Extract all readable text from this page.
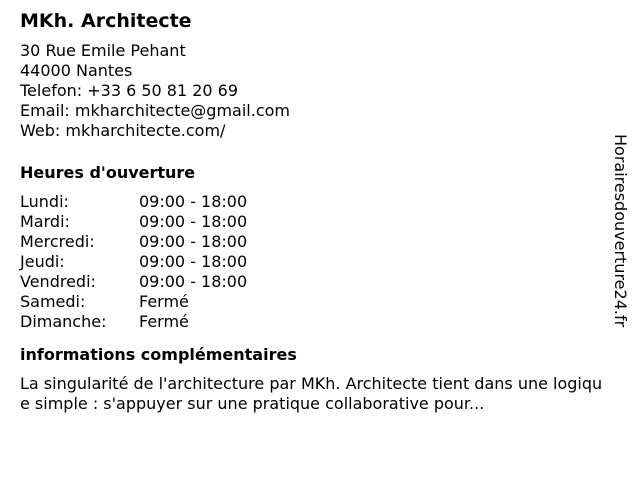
MKh. Architecte
30 Rue Emile Pehant
44000 Nantes
Telefon: +33 6 50 81 20 69
Email: mkharchitecte@gmail.com
Web: mkharchitecte.com/
Heures d'ouverture
Lundi:	09:00 - 18:00
Mardi:	09:00 - 18:00
Mercredi:	09:00 - 18:00
Jeudi:	09:00 - 18:00
Vendredi:	09:00 - 18:00
Samedi:	Fermé
Dimanche:	Fermé
informations complémentaires
La singularité de l'architecture par MKh. Architecte tient dans une logique simple : s'appuyer sur une pratique collaborative pour...
Horairesdouverture24.fr
